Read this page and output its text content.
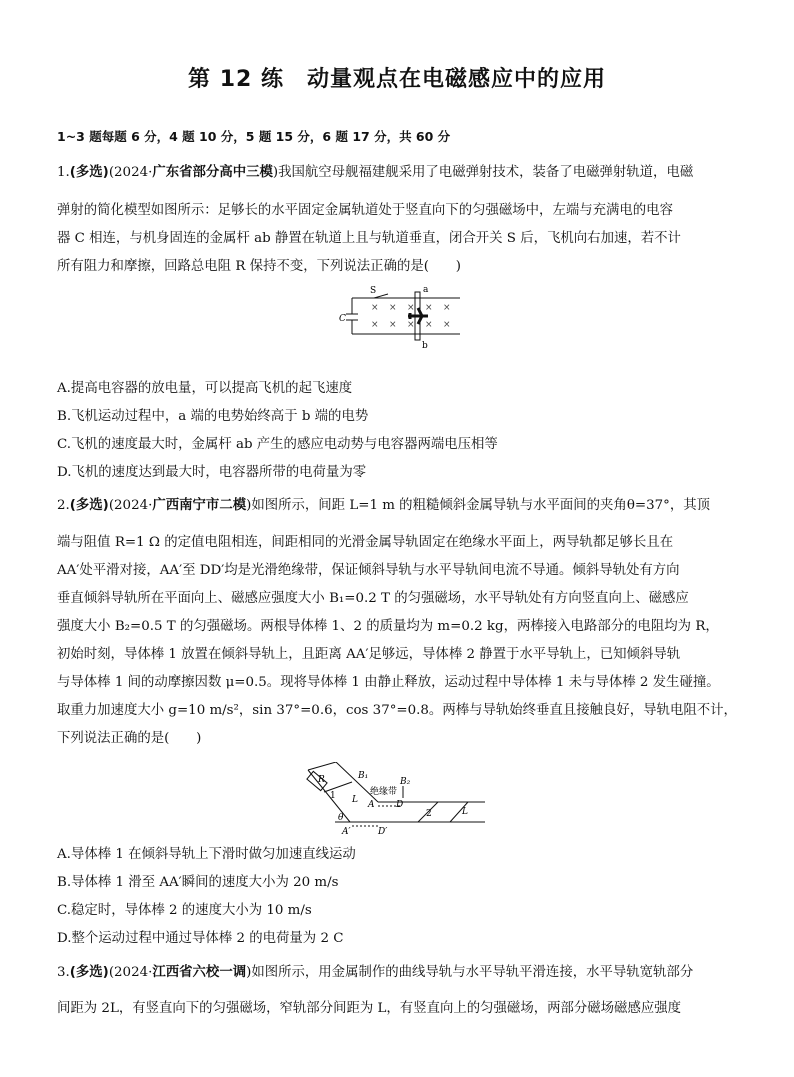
第 12 练　动量观点在电磁感应中的应用
1~3 题每题 6 分，4 题 10 分，5 题 15 分，6 题 17 分，共 60 分
1.(多选)(2024·广东省部分高中三模)我国航空母舰福建舰采用了电磁弹射技术，装备了电磁弹射轨道，电磁
弹射的简化模型如图所示：足够长的水平固定金属轨道处于竖直向下的匀强磁场中，左端与充满电的电容
器 C 相连，与机身固连的金属杆 ab 静置在轨道上且与轨道垂直，闭合开关 S 后，飞机向右加速，若不计
所有阻力和摩擦，回路总电阻 R 保持不变，下列说法正确的是(　　)
S	a
b
C
× × × × ×
× × × × ×
A.提高电容器的放电量，可以提高飞机的起飞速度
B.飞机运动过程中，a 端的电势始终高于 b 端的电势
C.飞机的速度最大时，金属杆 ab 产生的感应电动势与电容器两端电压相等
D.飞机的速度达到最大时，电容器所带的电荷量为零
2.(多选)(2024·广西南宁市二模)如图所示，间距 L=1 m 的粗糙倾斜金属导轨与水平面间的夹角θ=37°，其顶
端与阻值 R=1 Ω 的定值电阻相连，间距相同的光滑金属导轨固定在绝缘水平面上，两导轨都足够长且在
AA′处平滑对接，AA′至 DD′均是光滑绝缘带，保证倾斜导轨与水平导轨间电流不导通。倾斜导轨处有方向
垂直倾斜导轨所在平面向上、磁感应强度大小 B₁=0.2 T 的匀强磁场，水平导轨处有方向竖直向上、磁感应
强度大小 B₂=0.5 T 的匀强磁场。两根导体棒 1、2 的质量均为 m=0.2 kg，两棒接入电路部分的电阻均为 R，
初始时刻，导体棒 1 放置在倾斜导轨上，且距离 AA′足够远，导体棒 2 静置于水平导轨上，已知倾斜导轨
与导体棒 1 间的动摩擦因数 μ=0.5。现将导体棒 1 由静止释放，运动过程中导体棒 1 未与导体棒 2 发生碰撞。
取重力加速度大小 g=10 m/s²，sin 37°=0.6，cos 37°=0.8。两棒与导轨始终垂直且接触良好，导轨电阻不计，
下列说法正确的是(　　)
R	B₁
B₂
绝缘带
1
2
L
L
A D
A′	D′
θ
A.导体棒 1 在倾斜导轨上下滑时做匀加速直线运动
B.导体棒 1 滑至 AA′瞬间的速度大小为 20 m/s
C.稳定时，导体棒 2 的速度大小为 10 m/s
D.整个运动过程中通过导体棒 2 的电荷量为 2 C
3.(多选)(2024·江西省六校一调)如图所示，用金属制作的曲线导轨与水平导轨平滑连接，水平导轨宽轨部分
间距为 2L，有竖直向下的匀强磁场，窄轨部分间距为 L，有竖直向上的匀强磁场，两部分磁场磁感应强度
